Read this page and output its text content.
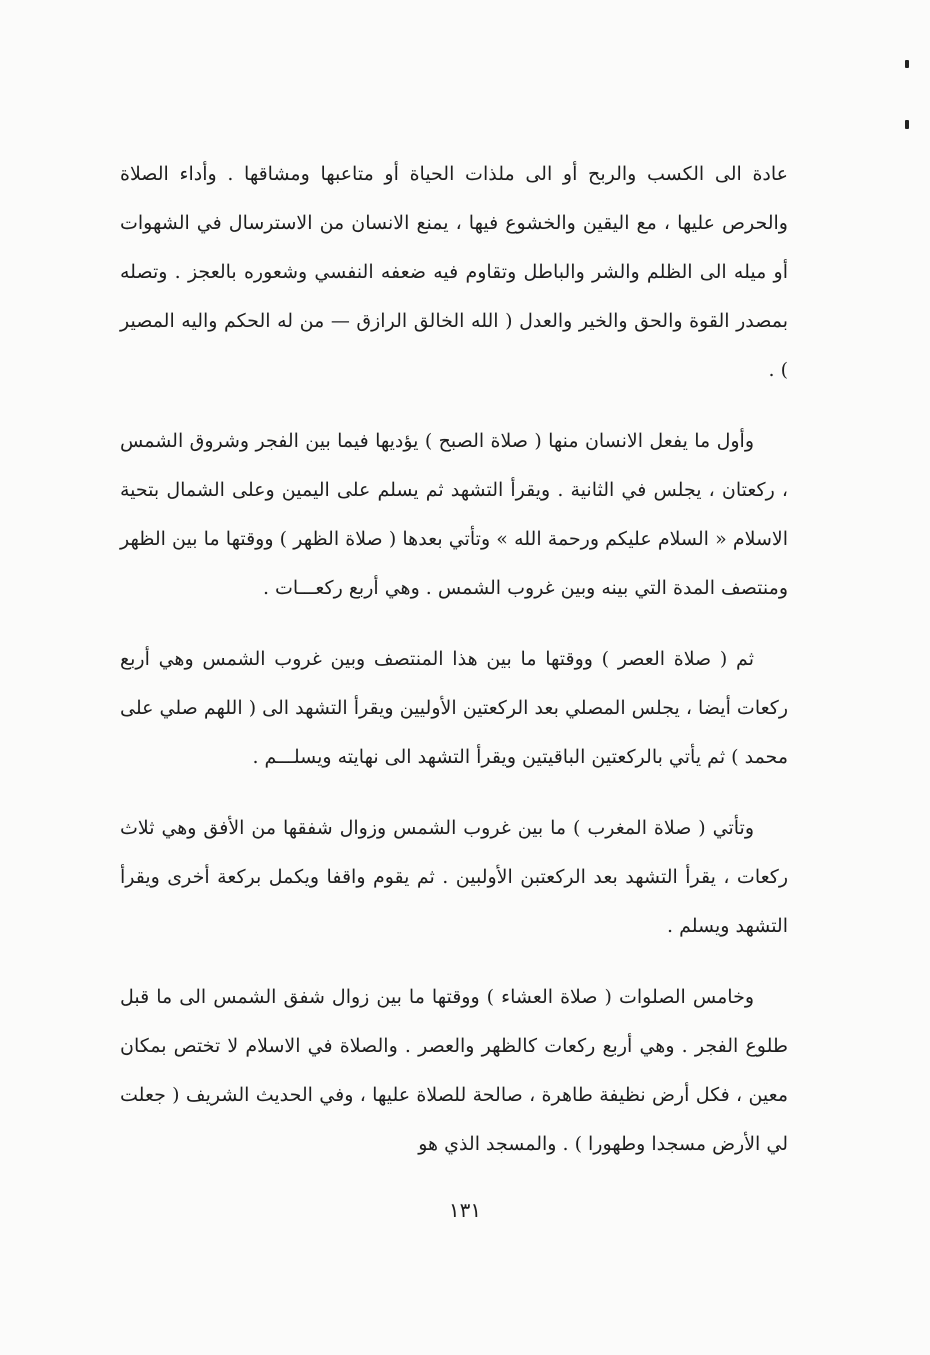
عادة الى الكسب والربح أو الى ملذات الحياة أو متاعبها ومشاقها . وأداء الصلاة والحرص عليها ، مع اليقين والخشوع فيها ، يمنع الانسان من الاسترسال في الشهوات أو ميله الى الظلم والشر والباطل وتقاوم فيه ضعفه النفسي وشعوره بالعجز . وتصله بمصدر القوة والحق والخير والعدل ( الله الخالق الرازق — من له الحكم واليه المصير ) .

وأول ما يفعل الانسان منها ( صلاة الصبح ) يؤديها فيما بين الفجر وشروق الشمس ، ركعتان ، يجلس في الثانية . ويقرأ التشهد ثم يسلم على اليمين وعلى الشمال بتحية الاسلام « السلام عليكم ورحمة الله » وتأتي بعدها ( صلاة الظهر ) ووقتها ما بين الظهر ومنتصف المدة التي بينه وبين غروب الشمس . وهي أربع ركعـــات .

ثم ( صلاة العصر ) ووقتها ما بين هذا المنتصف وبين غروب الشمس وهي أربع ركعات أيضا ، يجلس المصلي بعد الركعتين الأوليين ويقرأ التشهد الى ( اللهم صلي على محمد ) ثم يأتي بالركعتين الباقيتين ويقرأ التشهد الى نهايته ويسلـــم .

وتأتي ( صلاة المغرب ) ما بين غروب الشمس وزوال شفقها من الأفق وهي ثلاث ركعات ، يقرأ التشهد بعد الركعتبن الأولبين . ثم يقوم واقفا ويكمل بركعة أخرى ويقرأ التشهد ويسلم .

وخامس الصلوات ( صلاة العشاء ) ووقتها ما بين زوال شفق الشمس الى ما قبل طلوع الفجر . وهي أربع ركعات كالظهر والعصر . والصلاة في الاسلام لا تختص بمكان معين ، فكل أرض نظيفة طاهرة ، صالحة للصلاة عليها ، وفي الحديث الشريف ( جعلت لي الأرض مسجدا وطهورا ) . والمسجد الذي هو

١٣١
